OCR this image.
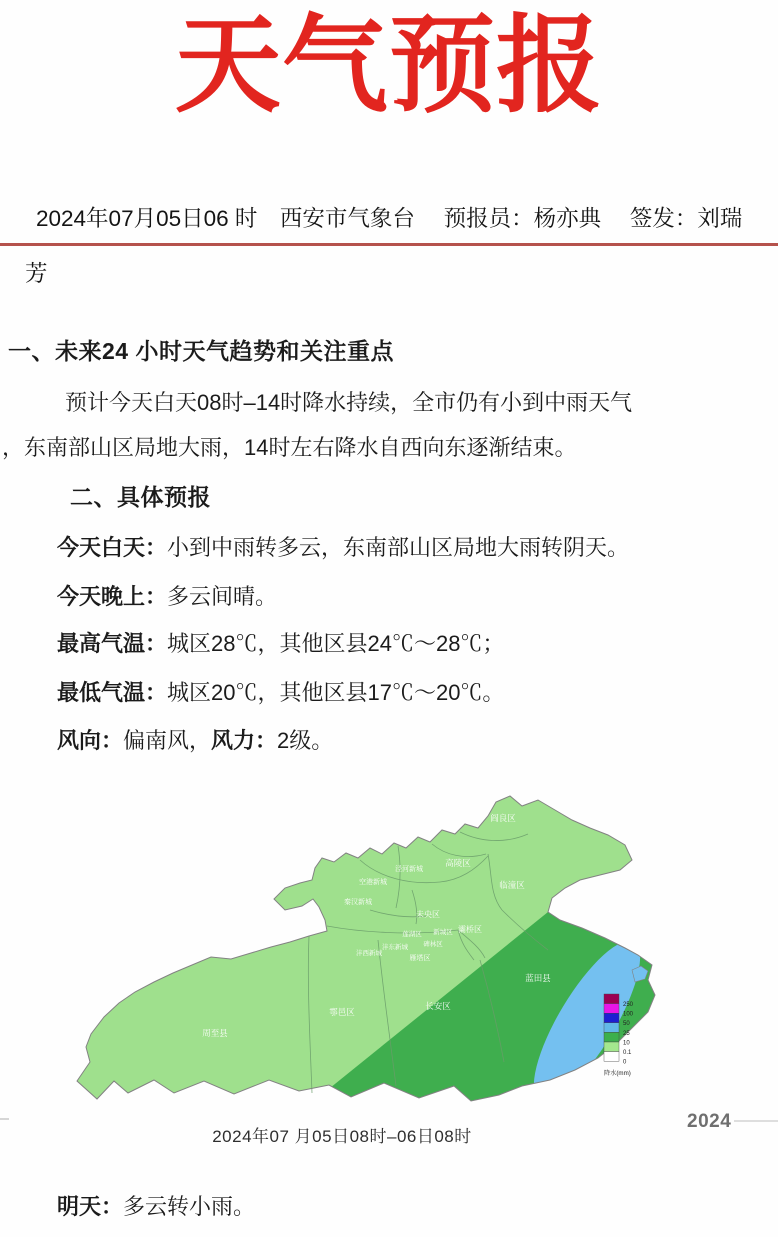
天气预报
2024年07月05日06 时　西安市气象台　 预报员：杨亦典　 签发：刘瑞
芳
一、未来24 小时天气趋势和关注重点
预计今天白天08时–14时降水持续，全市仍有小到中雨天气
，东南部山区局地大雨，14时左右降水自西向东逐渐结束。
二、具体预报
今天白天：小到中雨转多云，东南部山区局地大雨转阴天。
今天晚上：多云间晴。
最高气温：城区28℃，其他区县24℃～28℃；
最低气温：城区20℃，其他区县17℃～20℃。
风向：偏南风，风力：2级。
阎良区
高陵区
泾河新城
空港新城	临潼区
秦汉新城
未央区
灞桥区
莲湖区 新城区
碑林区
沣东新城
沣西新城
雁塔区
鄠邑区
周至县
长安区
蓝田县
250
100
50
25
10
0.1
0
降水(mm)
2024年07 月05日08时–06日08时
2024
明天：多云转小雨。
